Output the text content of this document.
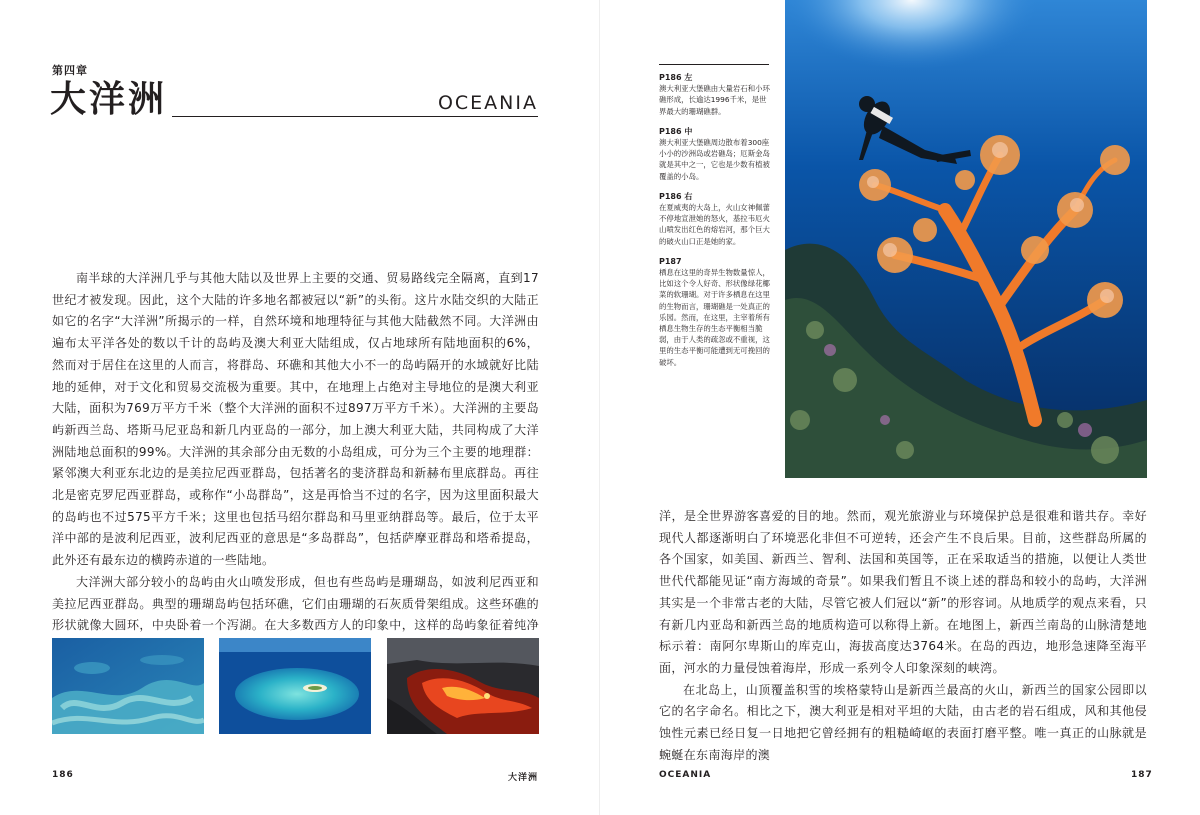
第四章
大洋洲	OCEANIA

南半球的大洋洲几乎与其他大陆以及世界上主要的交通、贸易路线完全隔离，直到17世纪才被发现。因此，这个大陆的许多地名都被冠以“新”的头衔。这片水陆交织的大陆正如它的名字“大洋洲”所揭示的一样，自然环境和地理特征与其他大陆截然不同。大洋洲由遍布太平洋各处的数以千计的岛屿及澳大利亚大陆组成，仅占地球所有陆地面积的6%，然而对于居住在这里的人而言，将群岛、环礁和其他大小不一的岛屿隔开的水域就好比陆地的延伸，对于文化和贸易交流极为重要。其中，在地理上占绝对主导地位的是澳大利亚大陆，面积为769万平方千米（整个大洋洲的面积不过897万平方千米）。大洋洲的主要岛屿新西兰岛、塔斯马尼亚岛和新几内亚岛的一部分，加上澳大利亚大陆，共同构成了大洋洲陆地总面积的99%。大洋洲的其余部分由无数的小岛组成，可分为三个主要的地理群：紧邻澳大利亚东北边的是美拉尼西亚群岛，包括著名的斐济群岛和新赫布里底群岛。再往北是密克罗尼西亚群岛，或称作“小岛群岛”，这是再恰当不过的名字，因为这里面积最大的岛屿也不过575平方千米；这里也包括马绍尔群岛和马里亚纳群岛等。最后，位于太平洋中部的是波利尼西亚，波利尼西亚的意思是“多岛群岛”，包括萨摩亚群岛和塔希提岛，此外还有最东边的横跨赤道的一些陆地。

大洋洲大部分较小的岛屿由火山喷发形成，但也有些岛屿是珊瑚岛，如波利尼西亚和美拉尼西亚群岛。典型的珊瑚岛屿包括环礁，它们由珊瑚的石灰质骨架组成。这些环礁的形状就像大圆环，中央卧着一个泻湖。在大多数西方人的印象中，这样的岛屿象征着纯净

186	大洋洲
P186 左
澳大利亚大堡礁由大量岩石和小环礁形成，长逾达1996千米，是世界最大的珊瑚礁群。
P186 中
澳大利亚大堡礁周边散布着300座小小的沙洲岛或岩礁岛；厄斯金岛就是其中之一，它也是少数有植被覆盖的小岛。
P186 右
在夏威夷的大岛上，火山女神佩蕾不停地宣泄她的怒火，基拉韦厄火山喷发出红色的熔岩河，那个巨大的破火山口正是她的家。
P187
栖息在这里的奇异生物数量惊人，比如这个令人好奇、形状像绿花椰菜的软珊瑚。对于许多栖息在这里的生物而言，珊瑚礁是一处真正的乐园。然而，在这里，主宰着所有栖息生物生存的生态平衡相当脆弱，由于人类的疏忽或不重视，这里的生态平衡可能遭到无可挽回的破坏。

洋，是全世界游客喜爱的目的地。然而，观光旅游业与环境保护总是很难和谐共存。幸好现代人都逐渐明白了环境恶化非但不可逆转，还会产生不良后果。目前，这些群岛所属的各个国家，如美国、新西兰、智利、法国和英国等，正在采取适当的措施，以便让人类世世代代都能见证“南方海域的奇景”。如果我们暂且不谈上述的群岛和较小的岛屿，大洋洲其实是一个非常古老的大陆，尽管它被人们冠以“新”的形容词。从地质学的观点来看，只有新几内亚岛和新西兰岛的地质构造可以称得上新。在地图上，新西兰南岛的山脉清楚地标示着：南阿尔卑斯山的库克山，海拔高度达3764米。在岛的西边，地形急速降至海平面，河水的力量侵蚀着海岸，形成一系列令人印象深刻的峡湾。

在北岛上，山顶覆盖积雪的埃格蒙特山是新西兰最高的火山，新西兰的国家公园即以它的名字命名。相比之下，澳大利亚是相对平坦的大陆，由古老的岩石组成，风和其他侵蚀性元素已经日复一日地把它曾经拥有的粗糙崎岖的表面打磨平整。唯一真正的山脉就是蜿蜒在东南海岸的澳

OCEANIA	187
